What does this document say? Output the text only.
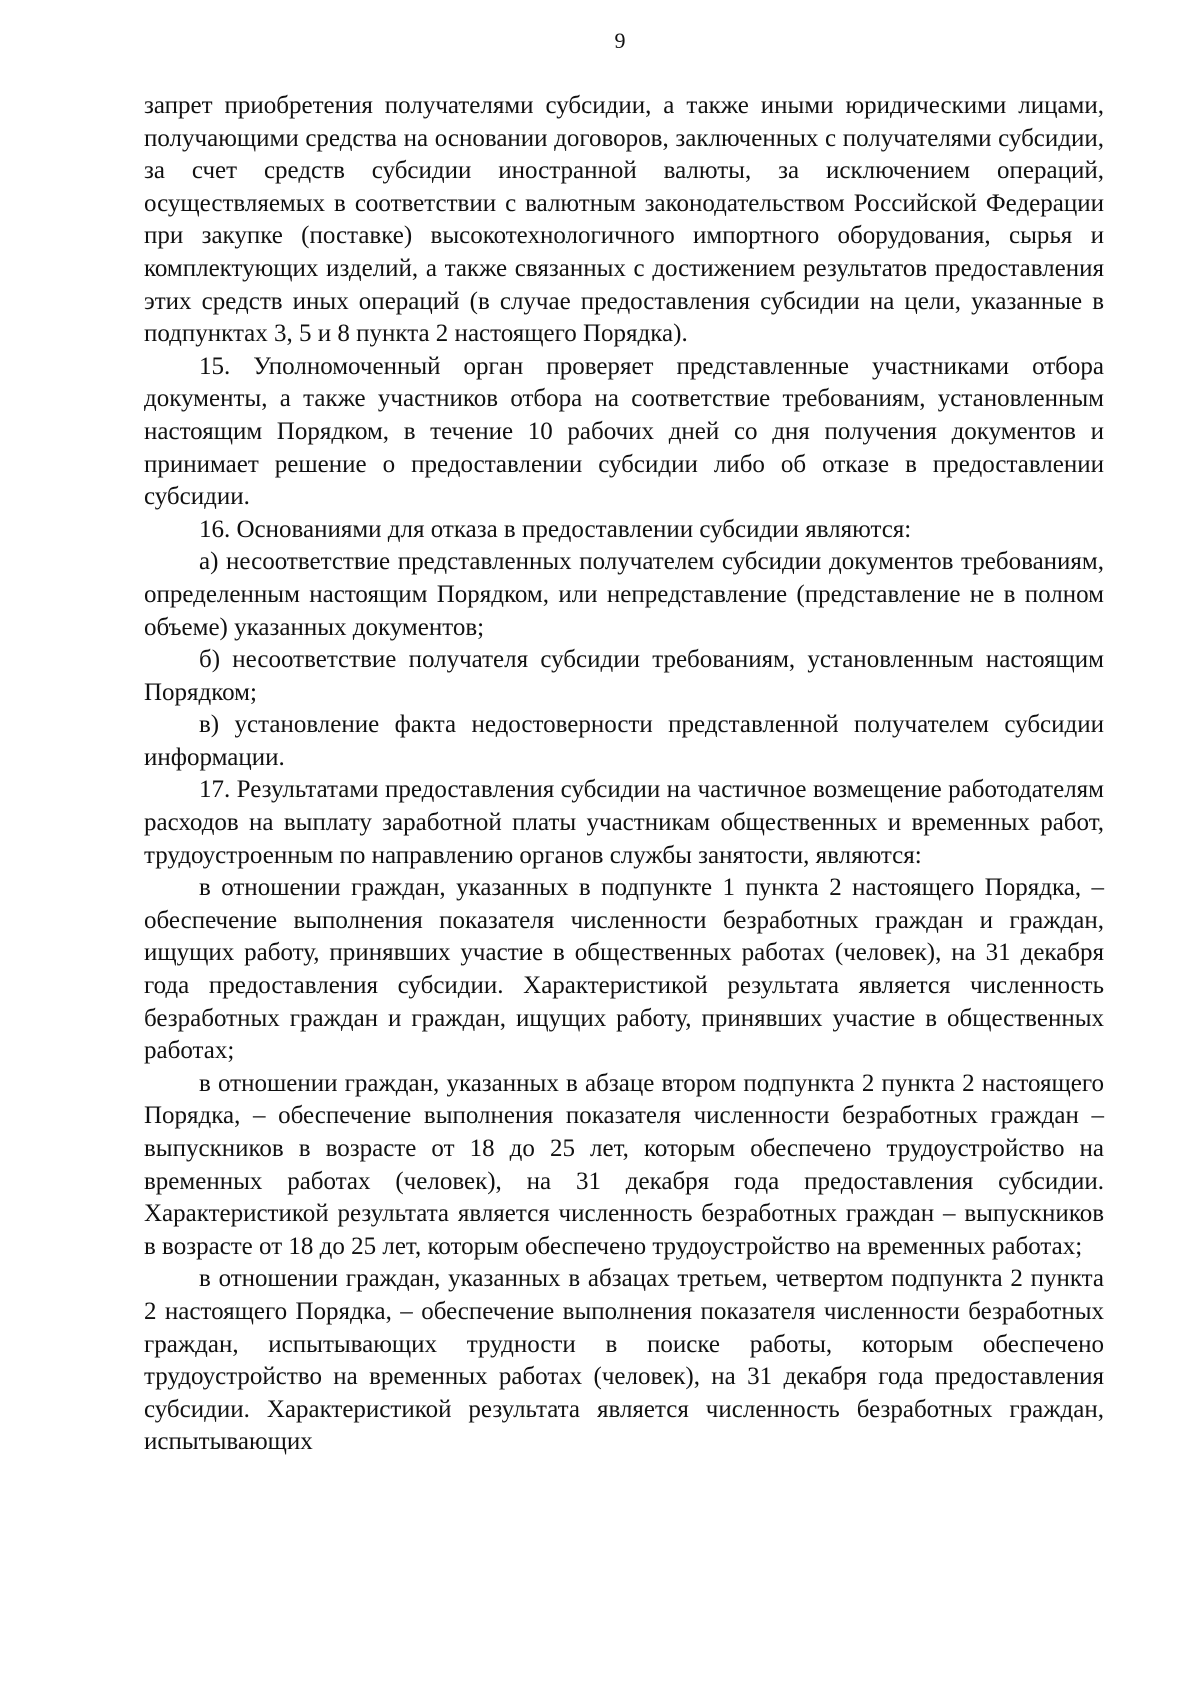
9

запрет приобретения получателями субсидии, а также иными юридическими лицами, получающими средства на основании договоров, заключенных с получателями субсидии, за счет средств субсидии иностранной валюты, за исключением операций, осуществляемых в соответствии с валютным законодательством Российской Федерации при закупке (поставке) высокотехнологичного импортного оборудования, сырья и комплектующих изделий, а также связанных с достижением результатов предоставления этих средств иных операций (в случае предоставления субсидии на цели, указанные в подпунктах 3, 5 и 8 пункта 2 настоящего Порядка).

15. Уполномоченный орган проверяет представленные участниками отбора документы, а также участников отбора на соответствие требованиям, установленным настоящим Порядком, в течение 10 рабочих дней со дня получения документов и принимает решение о предоставлении субсидии либо об отказе в предоставлении субсидии.

16. Основаниями для отказа в предоставлении субсидии являются:

а) несоответствие представленных получателем субсидии документов требованиям, определенным настоящим Порядком, или непредставление (представление не в полном объеме) указанных документов;

б) несоответствие получателя субсидии требованиям, установленным настоящим Порядком;

в) установление факта недостоверности представленной получателем субсидии информации.

17. Результатами предоставления субсидии на частичное возмещение работодателям расходов на выплату заработной платы участникам общественных и временных работ, трудоустроенным по направлению органов службы занятости, являются:

в отношении граждан, указанных в подпункте 1 пункта 2 настоящего Порядка, – обеспечение выполнения показателя численности безработных граждан и граждан, ищущих работу, принявших участие в общественных работах (человек), на 31 декабря года предоставления субсидии. Характеристикой результата является численность безработных граждан и граждан, ищущих работу, принявших участие в общественных работах;

в отношении граждан, указанных в абзаце втором подпункта 2 пункта 2 настоящего Порядка, – обеспечение выполнения показателя численности безработных граждан – выпускников в возрасте от 18 до 25 лет, которым обеспечено трудоустройство на временных работах (человек), на 31 декабря года предоставления субсидии. Характеристикой результата является численность безработных граждан – выпускников в возрасте от 18 до 25 лет, которым обеспечено трудоустройство на временных работах;

в отношении граждан, указанных в абзацах третьем, четвертом подпункта 2 пункта 2 настоящего Порядка, – обеспечение выполнения показателя численности безработных граждан, испытывающих трудности в поиске работы, которым обеспечено трудоустройство на временных работах (человек), на 31 декабря года предоставления субсидии. Характеристикой результата является численность безработных граждан, испытывающих
